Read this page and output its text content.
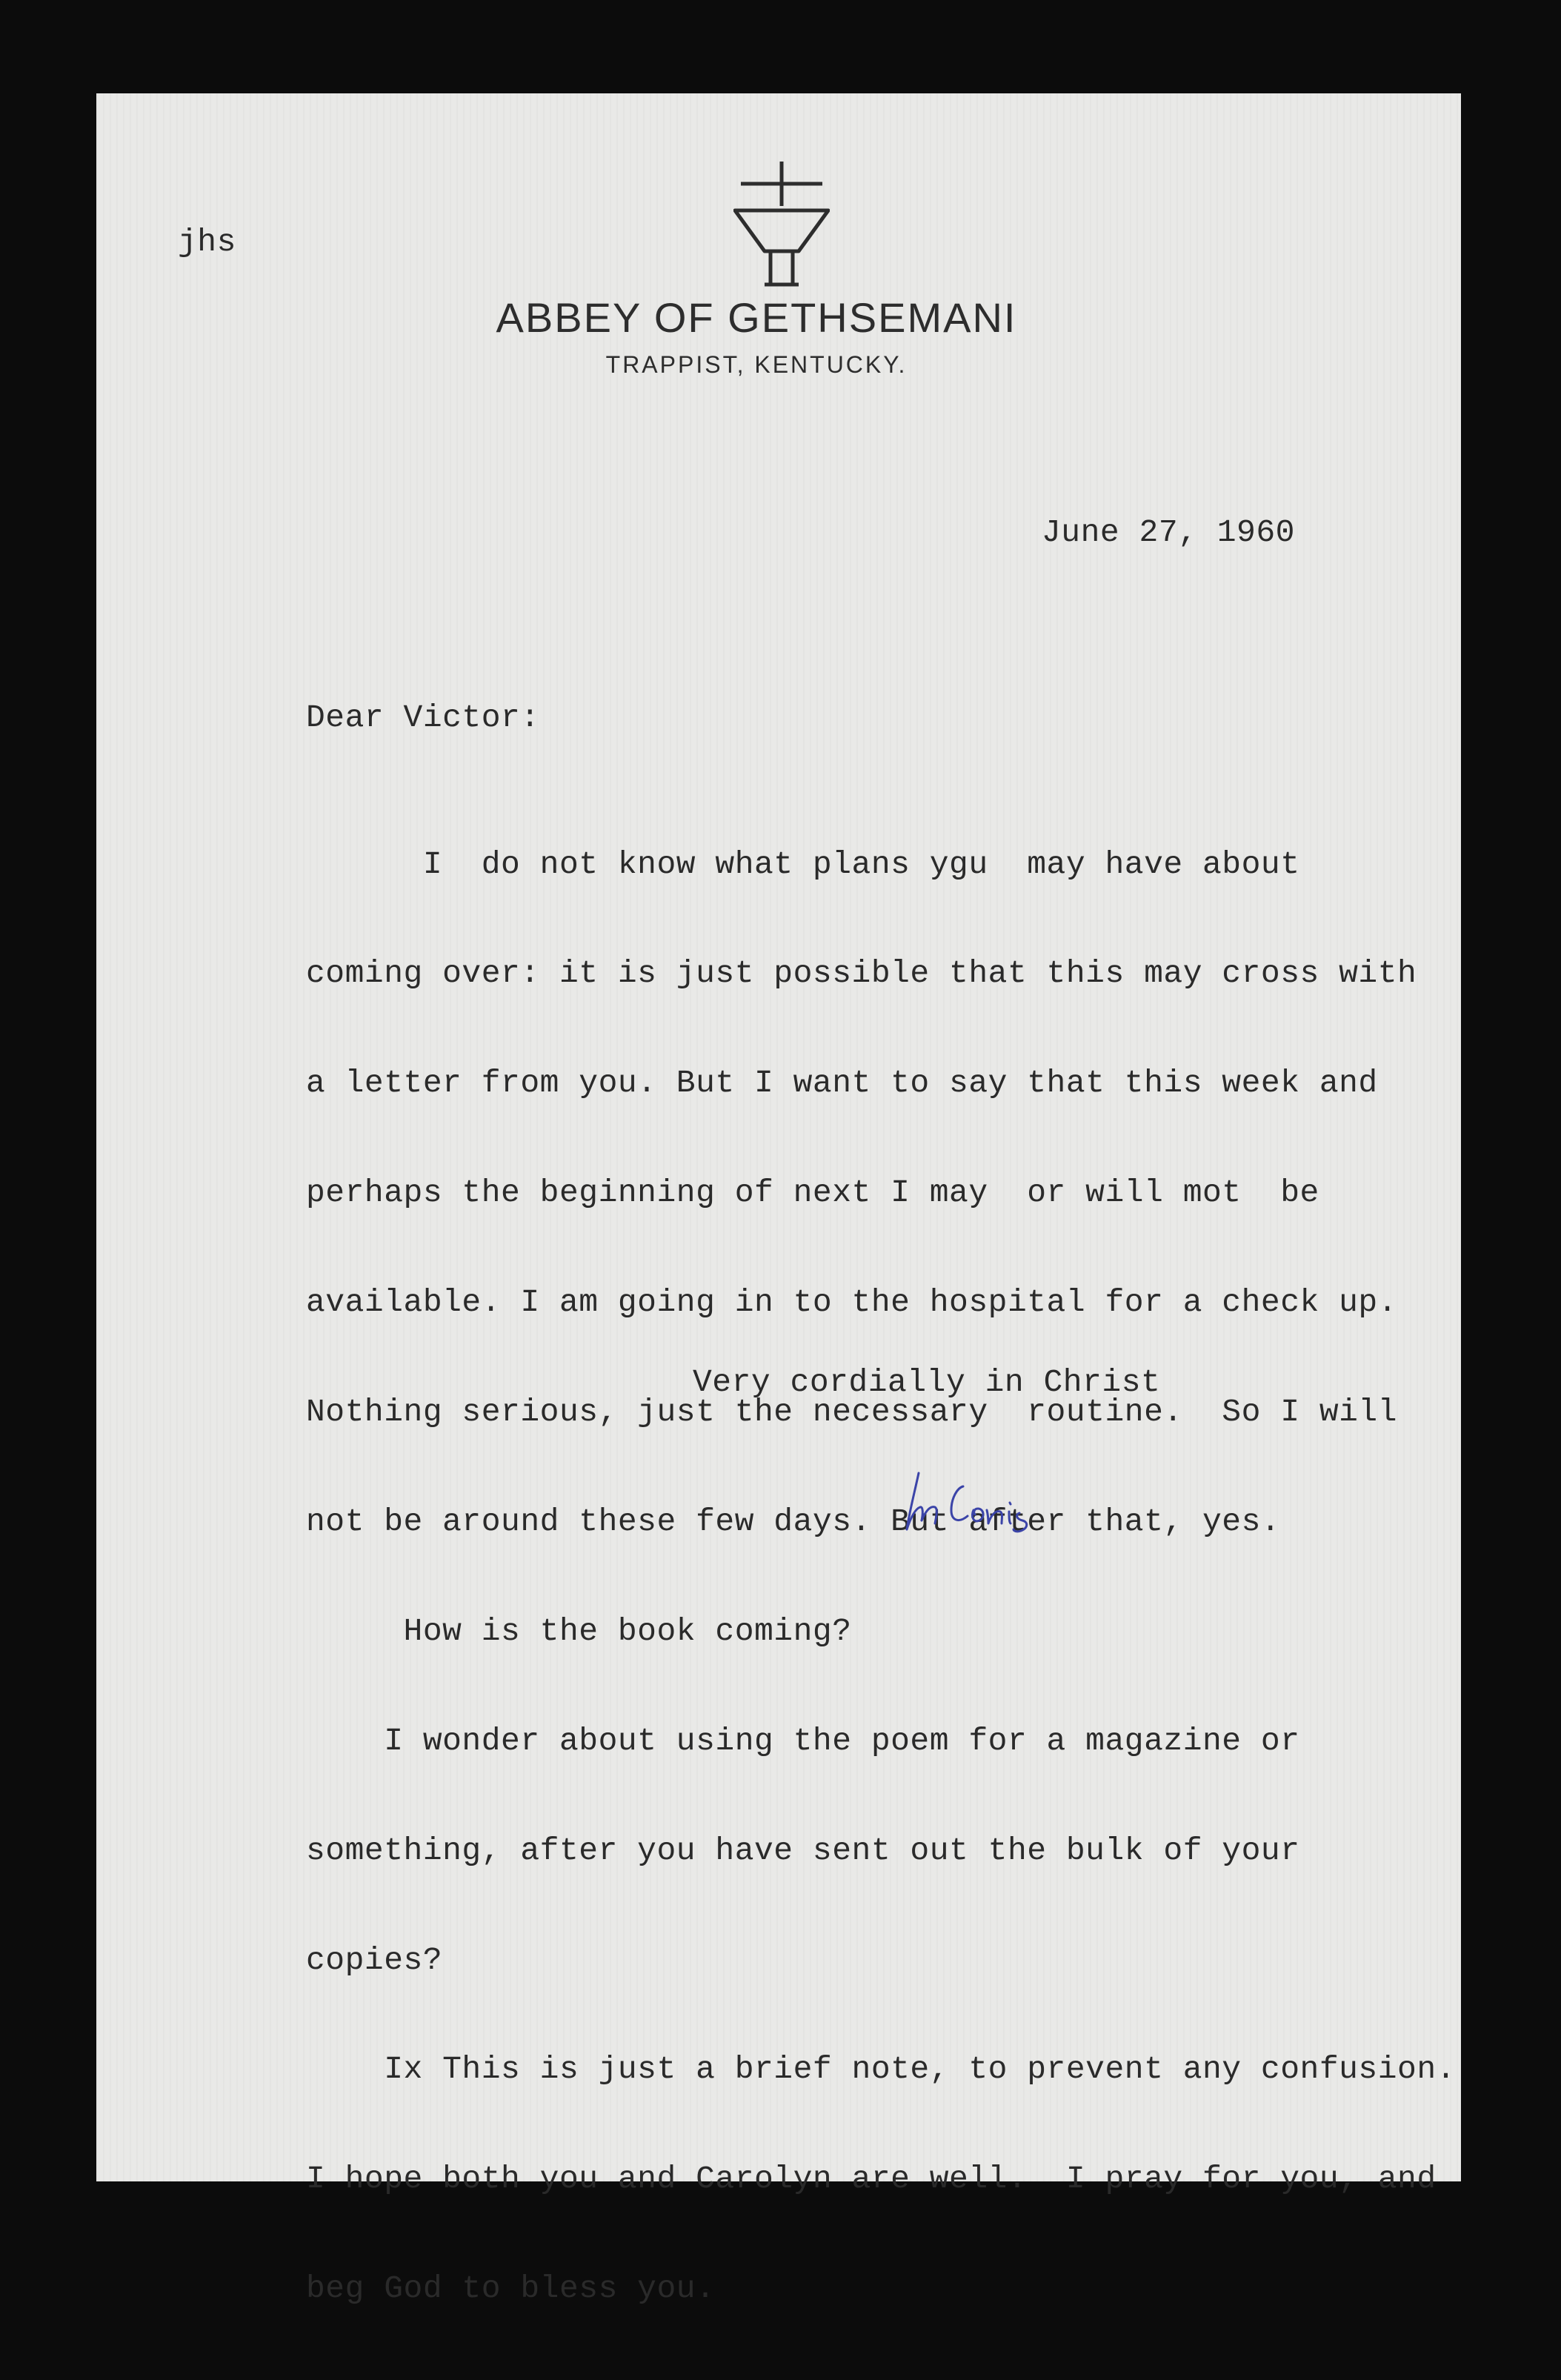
jhs
ABBEY OF GETHSEMANI
TRAPPIST, KENTUCKY.
June 27, 1960
Dear Victor:

I  do not know what plans ygu  may have about

coming over: it is just possible that this may cross with

a letter from you. But I want to say that this week and

perhaps the beginning of next I may  or will mot  be

available. I am going in to the hospital for a check up.

Nothing serious, just the necessary  routine.  So I will

not be around these few days. But after that, yes.

How is the book coming?

I wonder about using the poem for a magazine or

something, after you have sent out the bulk of your

copies?

Ix This is just a brief note, to prevent any confusion.

I hope both you and Carolyn are well.  I pray for you, and

beg God to bless you.

Very cordially in Christ
